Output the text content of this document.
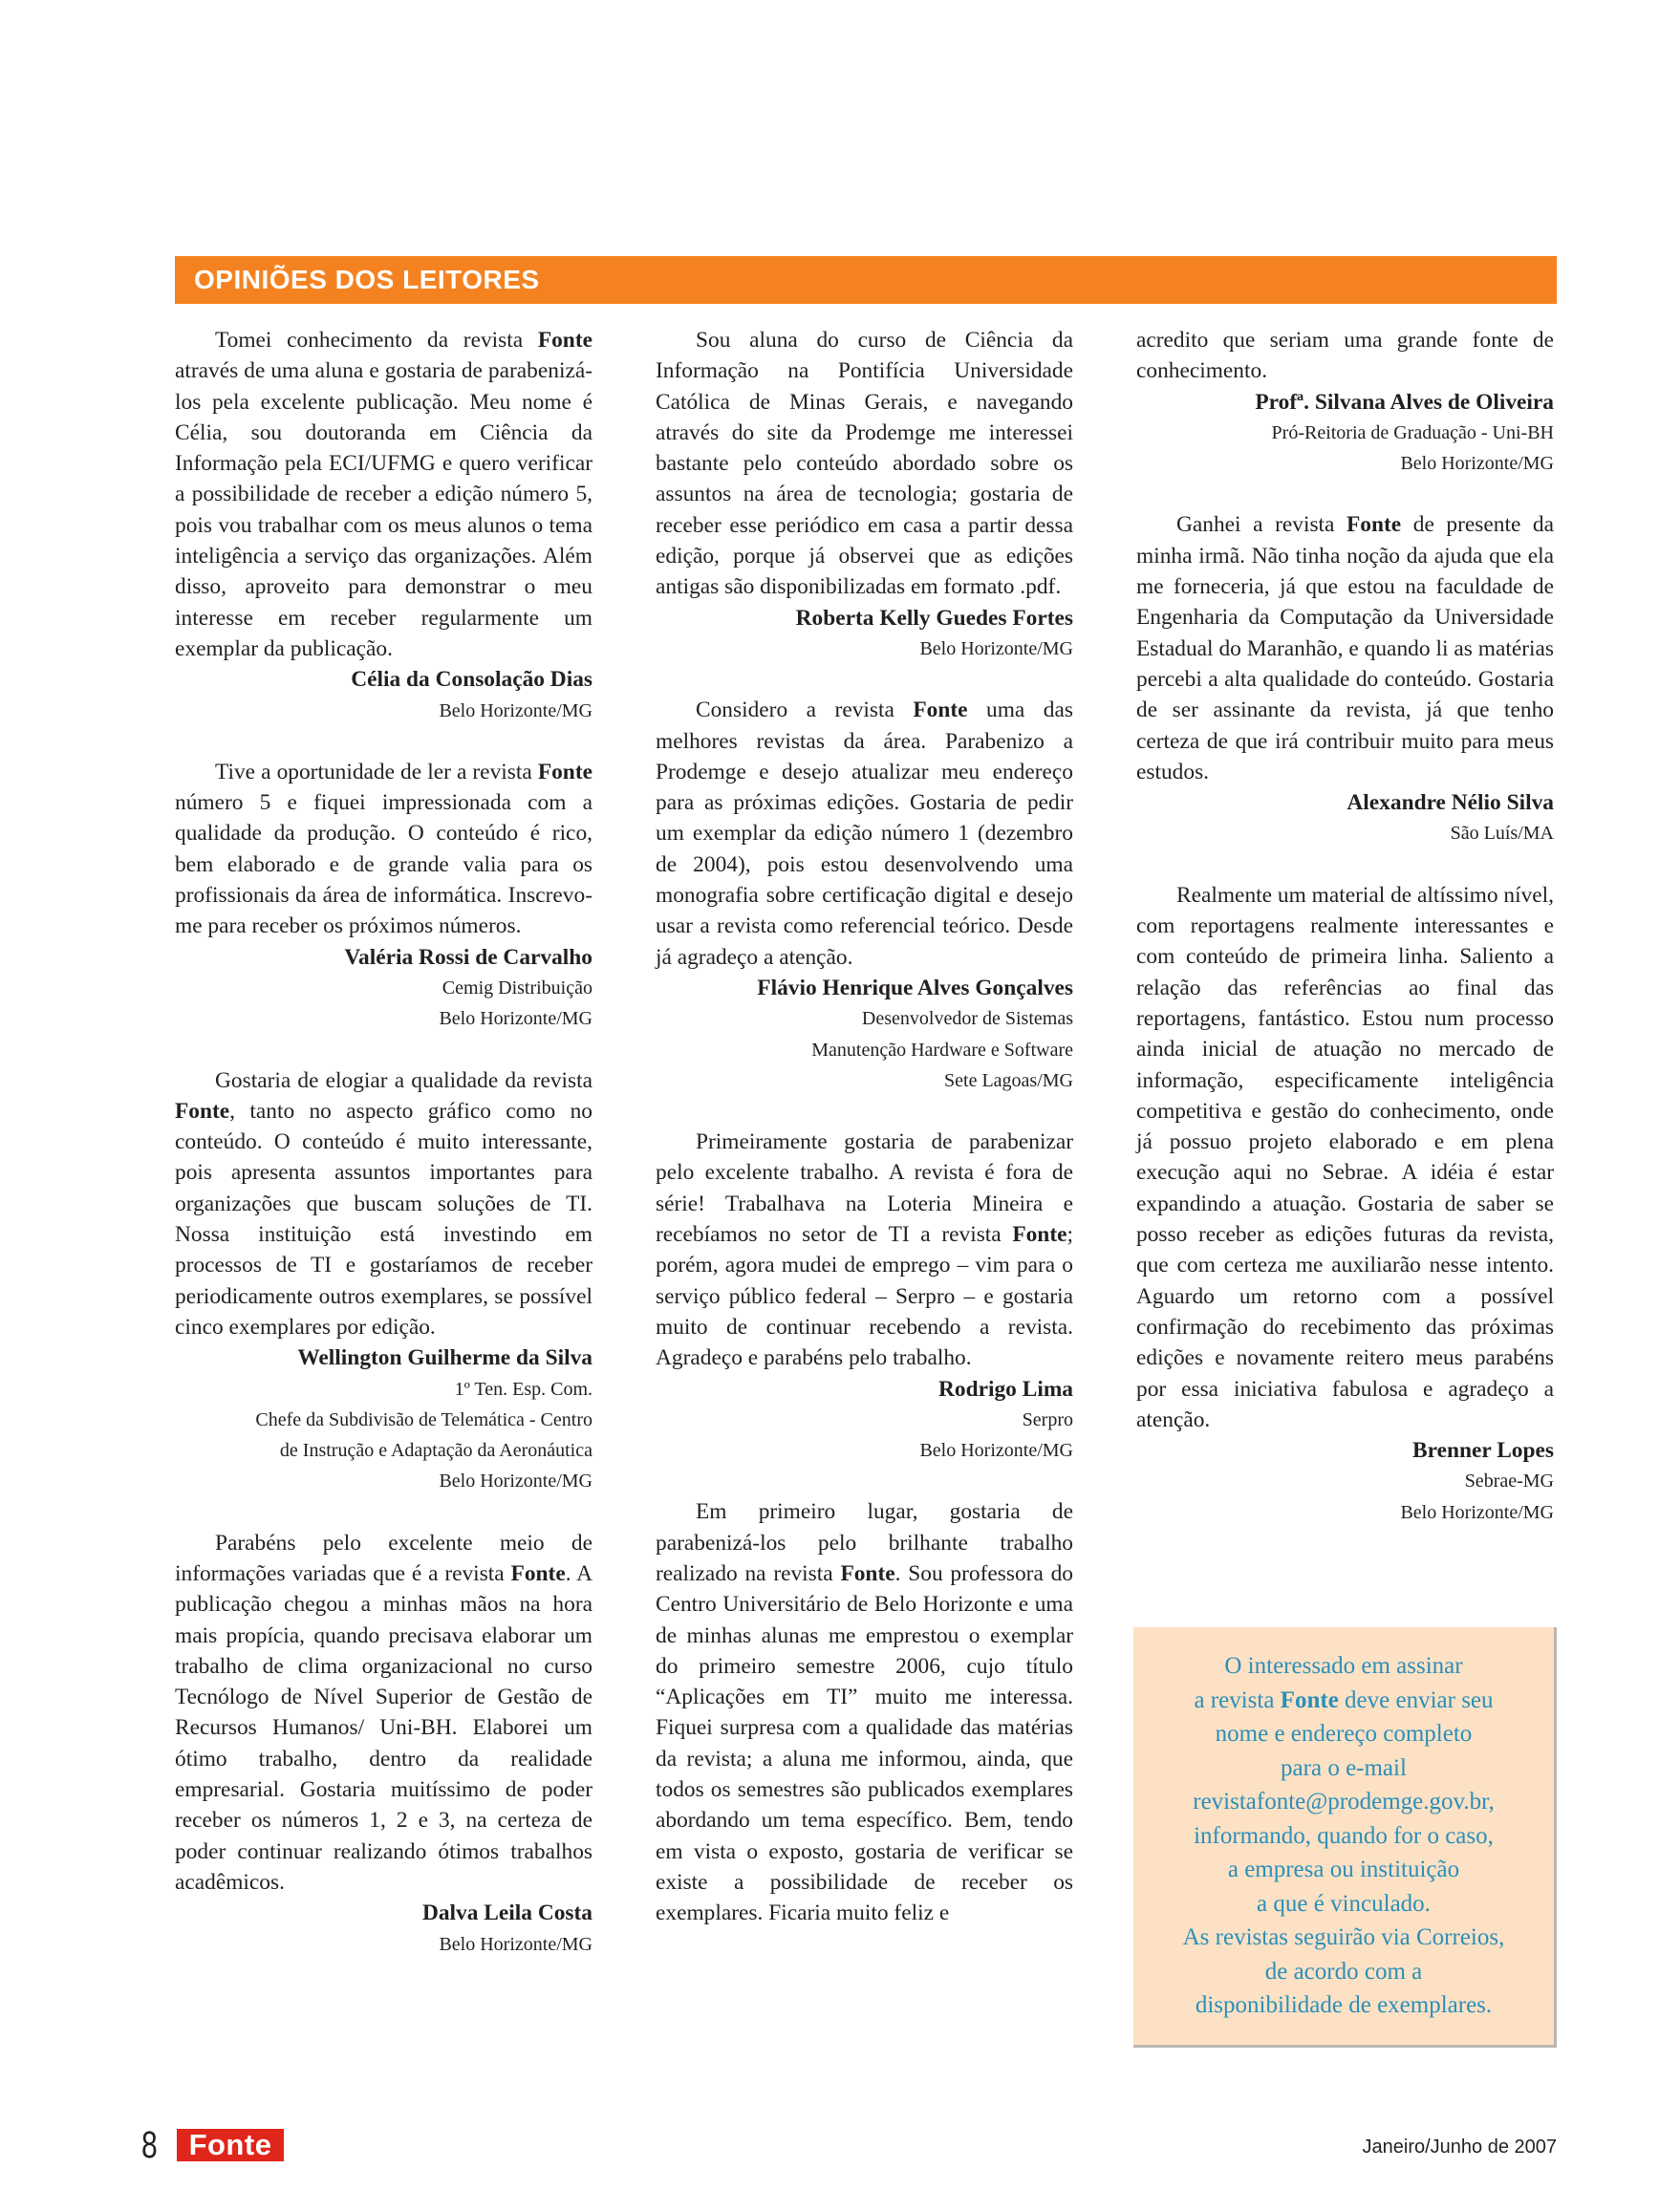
OPINIÕES DOS LEITORES

Tomei conhecimento da revista Fonte através de uma aluna e gostaria de parabenizá-los pela excelente publicação. Meu nome é Célia, sou doutoranda em Ciência da Informação pela ECI/UFMG e quero verificar a possibilidade de receber a edição número 5, pois vou trabalhar com os meus alunos o tema inteligência a serviço das organizações. Além disso, aproveito para demonstrar o meu interesse em receber regularmente um exemplar da publicação.

Célia da Consolação Dias
Belo Horizonte/MG

Tive a oportunidade de ler a revista Fonte número 5 e fiquei impressionada com a qualidade da produção. O conteúdo é rico, bem elaborado e de grande valia para os profissionais da área de informática. Inscrevo-me para receber os próximos números.

Valéria Rossi de Carvalho
Cemig Distribuição
Belo Horizonte/MG

Gostaria de elogiar a qualidade da revista Fonte, tanto no aspecto gráfico como no conteúdo. O conteúdo é muito interessante, pois apresenta assuntos importantes para organizações que buscam soluções de TI. Nossa instituição está investindo em processos de TI e gostaríamos de receber periodicamente outros exemplares, se possível cinco exemplares por edição.

Wellington Guilherme da Silva
1º Ten. Esp. Com.
Chefe da Subdivisão de Telemática - Centro
de Instrução e Adaptação da Aeronáutica
Belo Horizonte/MG

Parabéns pelo excelente meio de informações variadas que é a revista Fonte. A publicação chegou a minhas mãos na hora mais propícia, quando precisava elaborar um trabalho de clima organizacional no curso Tecnólogo de Nível Superior de Gestão de Recursos Humanos/ Uni-BH. Elaborei um ótimo trabalho, dentro da realidade empresarial. Gostaria muitíssimo de poder receber os números 1, 2 e 3, na certeza de poder continuar realizando ótimos trabalhos acadêmicos.

Dalva Leila Costa
Belo Horizonte/MG

Sou aluna do curso de Ciência da Informação na Pontifícia Universidade Católica de Minas Gerais, e navegando através do site da Prodemge me interessei bastante pelo conteúdo abordado sobre os assuntos na área de tecnologia; gostaria de receber esse periódico em casa a partir dessa edição, porque já observei que as edições antigas são disponibilizadas em formato .pdf.

Roberta Kelly Guedes Fortes
Belo Horizonte/MG

Considero a revista Fonte uma das melhores revistas da área. Parabenizo a Prodemge e desejo atualizar meu endereço para as próximas edições. Gostaria de pedir um exemplar da edição número 1 (dezembro de 2004), pois estou desenvolvendo uma monografia sobre certificação digital e desejo usar a revista como referencial teórico. Desde já agradeço a atenção.

Flávio Henrique Alves Gonçalves
Desenvolvedor de Sistemas
Manutenção Hardware e Software
Sete Lagoas/MG

Primeiramente gostaria de parabenizar pelo excelente trabalho. A revista é fora de série! Trabalhava na Loteria Mineira e recebíamos no setor de TI a revista Fonte; porém, agora mudei de emprego – vim para o serviço público federal – Serpro – e gostaria muito de continuar recebendo a revista. Agradeço e parabéns pelo trabalho.

Rodrigo Lima
Serpro
Belo Horizonte/MG

Em primeiro lugar, gostaria de parabenizá-los pelo brilhante trabalho realizado na revista Fonte. Sou professora do Centro Universitário de Belo Horizonte e uma de minhas alunas me emprestou o exemplar do primeiro semestre 2006, cujo título “Aplicações em TI” muito me interessa. Fiquei surpresa com a qualidade das matérias da revista; a aluna me informou, ainda, que todos os semestres são publicados exemplares abordando um tema específico. Bem, tendo em vista o exposto, gostaria de verificar se existe a possibilidade de receber os exemplares. Ficaria muito feliz e

acredito que seriam uma grande fonte de conhecimento.

Profª. Silvana Alves de Oliveira
Pró-Reitoria de Graduação - Uni-BH
Belo Horizonte/MG

Ganhei a revista Fonte de presente da minha irmã. Não tinha noção da ajuda que ela me forneceria, já que estou na faculdade de Engenharia da Computação da Universidade Estadual do Maranhão, e quando li as matérias percebi a alta qualidade do conteúdo. Gostaria de ser assinante da revista, já que tenho certeza de que irá contribuir muito para meus estudos.

Alexandre Nélio Silva
São Luís/MA

Realmente um material de altíssimo nível, com reportagens realmente interessantes e com conteúdo de primeira linha. Saliento a relação das referências ao final das reportagens, fantástico. Estou num processo ainda inicial de atuação no mercado de informação, especificamente inteligência competitiva e gestão do conhecimento, onde já possuo projeto elaborado e em plena execução aqui no Sebrae. A idéia é estar expandindo a atuação. Gostaria de saber se posso receber as edições futuras da revista, que com certeza me auxiliarão nesse intento. Aguardo um retorno com a possível confirmação do recebimento das próximas edições e novamente reitero meus parabéns por essa iniciativa fabulosa e agradeço a atenção.

Brenner Lopes
Sebrae-MG
Belo Horizonte/MG
O interessado em assinar
a revista Fonte deve enviar seu
nome e endereço completo
para o e-mail
revistafonte@prodemge.gov.br,
informando, quando for o caso,
a empresa ou instituição
a que é vinculado.
As revistas seguirão via Correios,
de acordo com a
disponibilidade de exemplares.
8 Fonte	Janeiro/Junho de 2007
